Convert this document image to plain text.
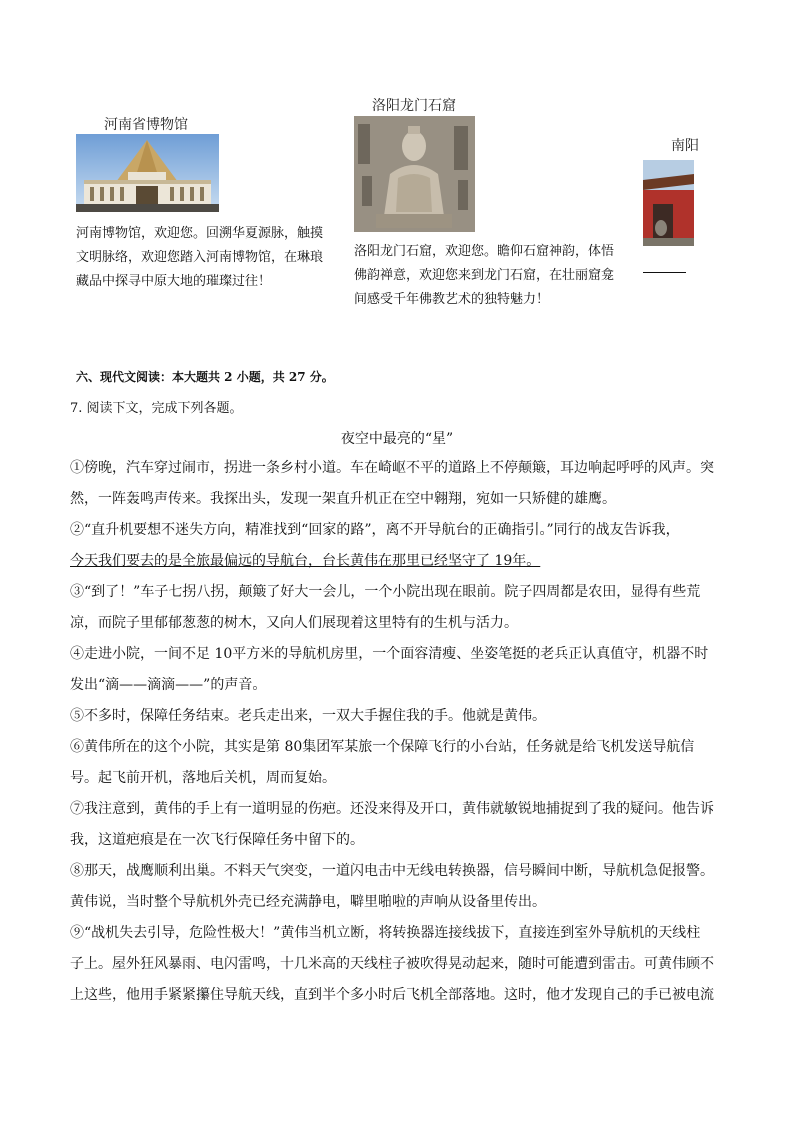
河南省博物馆
河南博物馆，欢迎您。回溯华夏源脉，触摸
文明脉络，欢迎您踏入河南博物馆，在琳琅
藏品中探寻中原大地的璀璨过往！
洛阳龙门石窟
洛阳龙门石窟，欢迎您。瞻仰石窟神韵，体悟
佛韵禅意，欢迎您来到龙门石窟，在壮丽窟龛
间感受千年佛教艺术的独特魅力！
南阳
六、现代文阅读：本大题共 2 小题，共 27 分。
7. 阅读下文，完成下列各题。
夜空中最亮的“星”
①傍晚，汽车穿过闹市，拐进一条乡村小道。车在崎岖不平的道路上不停颠簸，耳边响起呼呼的风声。突
然，一阵轰鸣声传来。我探出头，发现一架直升机正在空中翱翔，宛如一只矫健的雄鹰。
②“直升机要想不迷失方向，精准找到“回家的路”，离不开导航台的正确指引。”同行的战友告诉我，
今天我们要去的是全旅最偏远的导航台，台长黄伟在那里已经坚守了 19年。
③“到了！”车子七拐八拐，颠簸了好大一会儿，一个小院出现在眼前。院子四周都是农田，显得有些荒
凉，而院子里郁郁葱葱的树木，又向人们展现着这里特有的生机与活力。
④走进小院，一间不足 10平方米的导航机房里，一个面容清瘦、坐姿笔挺的老兵正认真值守，机器不时
发出“滴——滴滴——”的声音。
⑤不多时，保障任务结束。老兵走出来，一双大手握住我的手。他就是黄伟。
⑥黄伟所在的这个小院，其实是第 80集团军某旅一个保障飞行的小台站，任务就是给飞机发送导航信
号。起飞前开机，落地后关机，周而复始。
⑦我注意到，黄伟的手上有一道明显的伤疤。还没来得及开口，黄伟就敏锐地捕捉到了我的疑问。他告诉
我，这道疤痕是在一次飞行保障任务中留下的。
⑧那天，战鹰顺利出巢。不料天气突变，一道闪电击中无线电转换器，信号瞬间中断，导航机急促报警。
黄伟说，当时整个导航机外壳已经充满静电，噼里啪啦的声响从设备里传出。
⑨“战机失去引导，危险性极大！”黄伟当机立断，将转换器连接线拔下，直接连到室外导航机的天线柱
子上。屋外狂风暴雨、电闪雷鸣，十几米高的天线柱子被吹得晃动起来，随时可能遭到雷击。可黄伟顾不
上这些，他用手紧紧攥住导航天线，直到半个多小时后飞机全部落地。这时，他才发现自己的手已被电流
